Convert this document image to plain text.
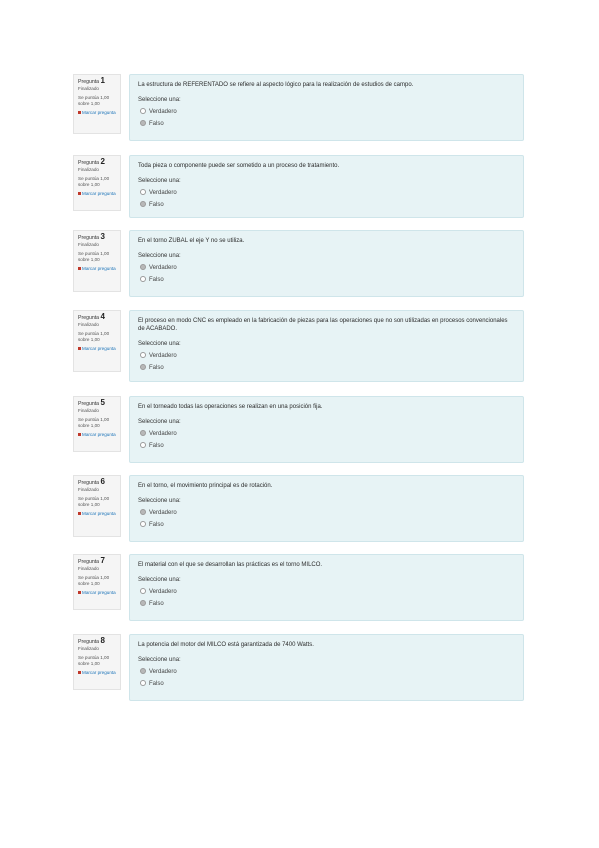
Pregunta 1
Finalizado
Se puntúa 1,00 sobre 1,00
Marcar pregunta
La estructura de REFERENTADO se refiere al aspecto lógico para la realización de estudios de campo.
Seleccione una:
Verdadero
Falso
Pregunta 2
Finalizado
Se puntúa 1,00 sobre 1,00
Marcar pregunta
Toda pieza o componente puede ser sometido a un proceso de tratamiento.
Seleccione una:
Verdadero
Falso
Pregunta 3
Finalizado
Se puntúa 1,00 sobre 1,00
Marcar pregunta
En el torno ZUBAL el eje Y no se utiliza.
Seleccione una:
Verdadero
Falso
Pregunta 4
Finalizado
Se puntúa 1,00 sobre 1,00
Marcar pregunta
El proceso en modo CNC es empleado en la fabricación de piezas para las operaciones que no son utilizadas en procesos convencionales de ACABADO.
Seleccione una:
Verdadero
Falso
Pregunta 5
Finalizado
Se puntúa 1,00 sobre 1,00
Marcar pregunta
En el torneado todas las operaciones se realizan en una posición fija.
Seleccione una:
Verdadero
Falso
Pregunta 6
Finalizado
Se puntúa 1,00 sobre 1,00
Marcar pregunta
En el torno, el movimiento principal es de rotación.
Seleccione una:
Verdadero
Falso
Pregunta 7
Finalizado
Se puntúa 1,00 sobre 1,00
Marcar pregunta
El material con el que se desarrollan las prácticas es el torno MILCO.
Seleccione una:
Verdadero
Falso
Pregunta 8
Finalizado
Se puntúa 1,00 sobre 1,00
Marcar pregunta
La potencia del motor del MILCO está garantizada de 7400 Watts.
Seleccione una:
Verdadero
Falso
